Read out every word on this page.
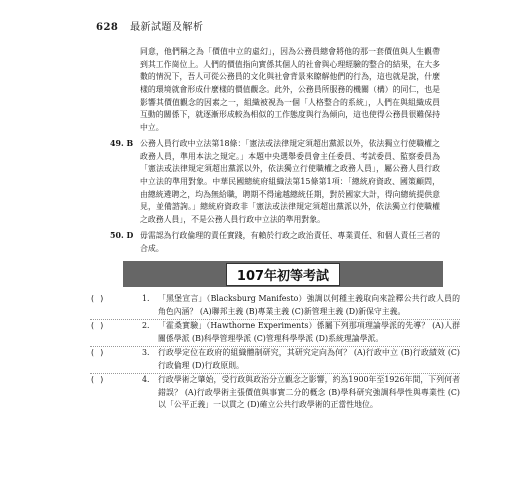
628 最新試題及解析

同意，他們稱之為「價值中立的虛幻」，因為公務員總會將他的那一套價值與人生觀帶到其工作崗位上。人們的價值指向實係其個人的社會與心理經驗的整合的結果，在大多數的情況下，吾人可從公務員的文化與社會背景來瞭解他們的行為，這也就是說，什麼樣的環境就會形成什麼樣的價值觀念。此外，公務員所服務的機關（構）的同仁，也是影響其價值觀念的因素之一，組織被視為一個「人格整合的系統」，人們在與組織成員互動的關係下，就逐漸形成較為相似的工作態度與行為傾向，這也使得公務員很難保持中立。

49. B 公務人員行政中立法第18條：「憲法或法律規定須超出黨派以外，依法獨立行使職權之政務人員，準用本法之規定。」本題中央選舉委員會主任委員、考試委員、監察委員為「憲法或法律規定須超出黨派以外，依法獨立行使職權之政務人員」，屬公務人員行政中立法的準用對象。中華民國總統府組織法第15條第1項：「總統府資政、國策顧問，由總統遴聘之，均為無給職，聘期不得逾越總統任期，對於國家大計，得向總統提供意見，並備諮詢。」總統府資政非「憲法或法律規定須超出黨派以外，依法獨立行使職權之政務人員」，不是公務人員行政中立法的準用對象。
50. D 毋需認為行政倫理的責任實踐，有賴於行政之政治責任、專業責任、和個人責任三者的合成。
107年初等考試
( )	1. 「黑堡宣言」（Blacksburg Manifesto）強調以何種主義取向來詮釋公共行政人員的角色內涵？ (A)聯邦主義 (B)專業主義 (C)新管理主義 (D)新保守主義。
( )	2. 「霍桑實驗」（Hawthorne Experiments）係屬下列那項理論學派的先導？ (A)人群關係學派 (B)科學管理學派 (C)管理科學學派 (D)系統理論學派。
( )	3. 行政學定位在政府的組織體制研究，其研究定向為何？ (A)行政中立 (B)行政績效 (C)行政倫理 (D)行政原則。
( )	4. 行政學術之肇始，受行政與政治分立觀念之影響，約為1900年至1926年間，下列何者錯誤？ (A)行政學術主張價值與事實二分的概念 (B)學科研究強調科學性與專業性 (C)以「公平正義」一以貫之 (D)確立公共行政學術的正當性地位。
